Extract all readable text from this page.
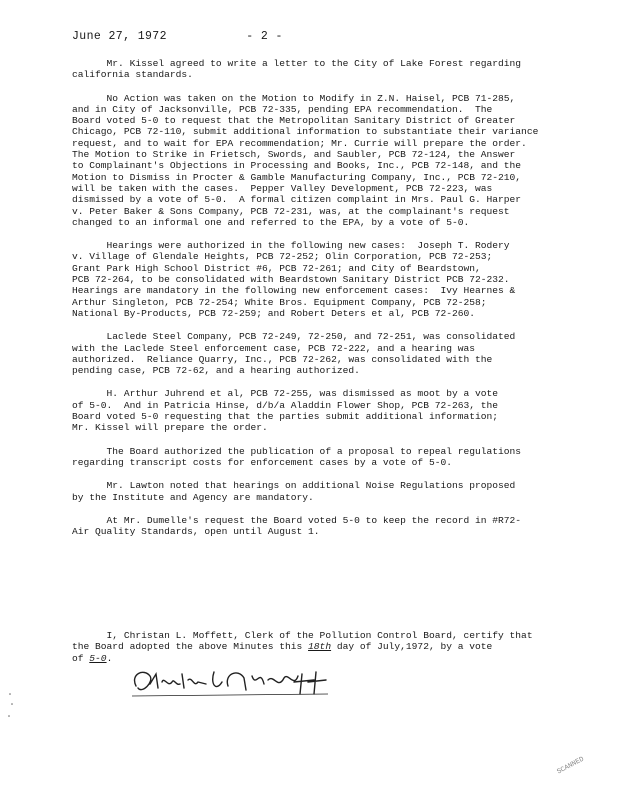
June 27, 1972	- 2 -
Mr. Kissel agreed to write a letter to the City of Lake Forest regarding
california standards.
No Action was taken on the Motion to Modify in Z.N. Haisel, PCB 71-285,
and in City of Jacksonville, PCB 72-335, pending EPA recommendation.  The
Board voted 5-0 to request that the Metropolitan Sanitary District of Greater
Chicago, PCB 72-110, submit additional information to substantiate their variance
request, and to wait for EPA recommendation; Mr. Currie will prepare the order.
The Motion to Strike in Frietsch, Swords, and Saubler, PCB 72-124, the Answer
to Complainant's Objections in Processing and Books, Inc., PCB 72-148, and the
Motion to Dismiss in Procter & Gamble Manufacturing Company, Inc., PCB 72-210,
will be taken with the cases.  Pepper Valley Development, PCB 72-223, was
dismissed by a vote of 5-0.  A formal citizen complaint in Mrs. Paul G. Harper
v. Peter Baker & Sons Company, PCB 72-231, was, at the complainant's request
changed to an informal one and referred to the EPA, by a vote of 5-0.
Hearings were authorized in the following new cases:  Joseph T. Rodery
v. Village of Glendale Heights, PCB 72-252; Olin Corporation, PCB 72-253;
Grant Park High School District #6, PCB 72-261; and City of Beardstown,
PCB 72-264, to be consolidated with Beardstown Sanitary District PCB 72-232.
Hearings are mandatory in the following new enforcement cases:  Ivy Hearnes &
Arthur Singleton, PCB 72-254; White Bros. Equipment Company, PCB 72-258;
National By-Products, PCB 72-259; and Robert Deters et al, PCB 72-260.
Laclede Steel Company, PCB 72-249, 72-250, and 72-251, was consolidated
with the Laclede Steel enforcement case, PCB 72-222, and a hearing was
authorized.  Reliance Quarry, Inc., PCB 72-262, was consolidated with the
pending case, PCB 72-62, and a hearing authorized.
H. Arthur Juhrend et al, PCB 72-255, was dismissed as moot by a vote
of 5-0.  And in Patricia Hinse, d/b/a Aladdin Flower Shop, PCB 72-263, the
Board voted 5-0 requesting that the parties submit additional information;
Mr. Kissel will prepare the order.
The Board authorized the publication of a proposal to repeal regulations
regarding transcript costs for enforcement cases by a vote of 5-0.
Mr. Lawton noted that hearings on additional Noise Regulations proposed
by the Institute and Agency are mandatory.
At Mr. Dumelle's request the Board voted 5-0 to keep the record in #R72-
Air Quality Standards, open until August 1.
I, Christan L. Moffett, Clerk of the Pollution Control Board, certify that
the Board adopted the above Minutes this 18th day of July,1972, by a vote
of 5-0.
SCANNED
